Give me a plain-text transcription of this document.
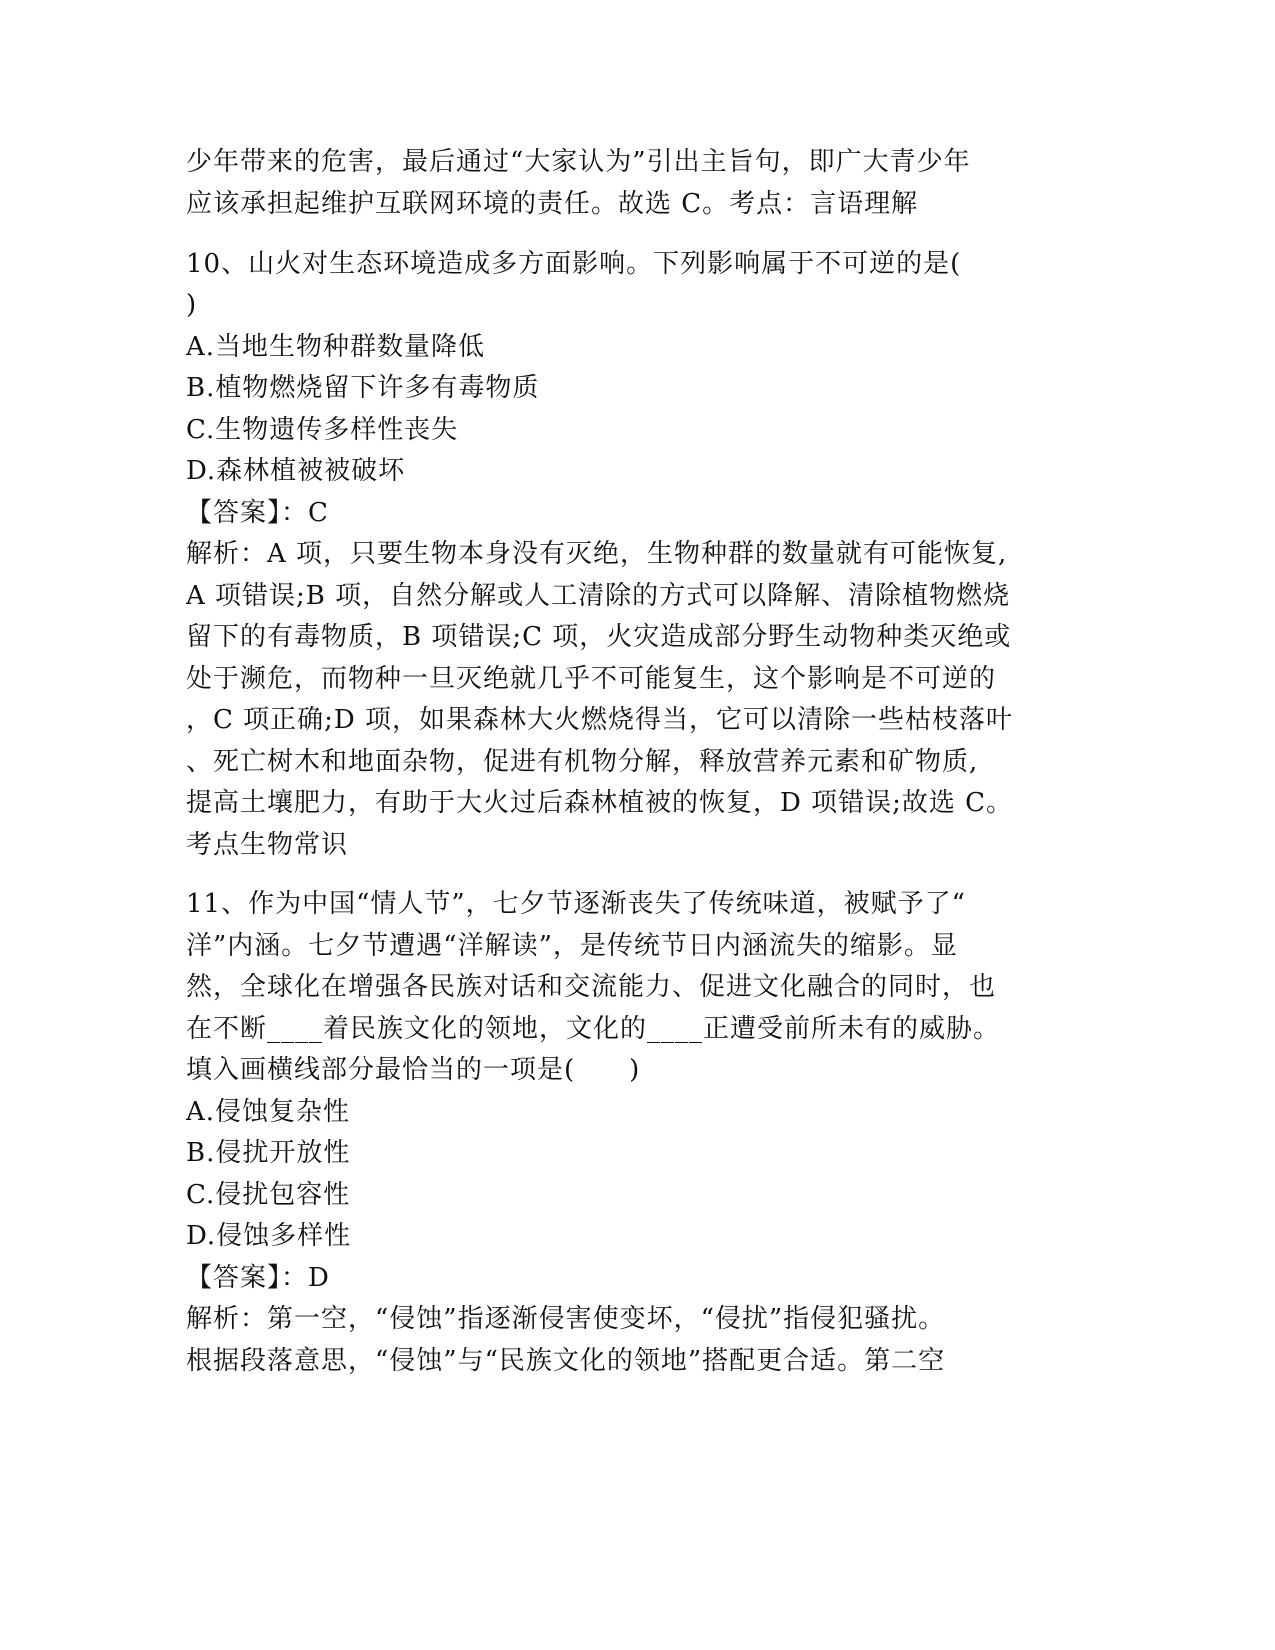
少年带来的危害，最后通过“大家认为”引出主旨句，即广大青少年
应该承担起维护互联网环境的责任。故选 C。考点：言语理解
10、山火对生态环境造成多方面影响。下列影响属于不可逆的是(
)
A.当地生物种群数量降低
B.植物燃烧留下许多有毒物质
C.生物遗传多样性丧失
D.森林植被被破坏
【答案】：C
解析：A 项，只要生物本身没有灭绝，生物种群的数量就有可能恢复,
A 项错误;B 项，自然分解或人工清除的方式可以降解、清除植物燃烧
留下的有毒物质，B 项错误;C 项，火灾造成部分野生动物种类灭绝或
处于濒危，而物种一旦灭绝就几乎不可能复生，这个影响是不可逆的
，C 项正确;D 项，如果森林大火燃烧得当，它可以清除一些枯枝落叶
、死亡树木和地面杂物，促进有机物分解，释放营养元素和矿物质,
提高土壤肥力，有助于大火过后森林植被的恢复，D 项错误;故选 C。
考点生物常识
11、作为中国“情人节”，七夕节逐渐丧失了传统味道，被赋予了“
洋”内涵。七夕节遭遇“洋解读”，是传统节日内涵流失的缩影。显
然，全球化在增强各民族对话和交流能力、促进文化融合的同时，也
在不断____着民族文化的领地，文化的____正遭受前所未有的威胁。
填入画横线部分最恰当的一项是(　　)
A.侵蚀复杂性
B.侵扰开放性
C.侵扰包容性
D.侵蚀多样性
【答案】：D
解析：第一空，“侵蚀”指逐渐侵害使变坏，“侵扰”指侵犯骚扰。
根据段落意思，“侵蚀”与“民族文化的领地”搭配更合适。第二空
